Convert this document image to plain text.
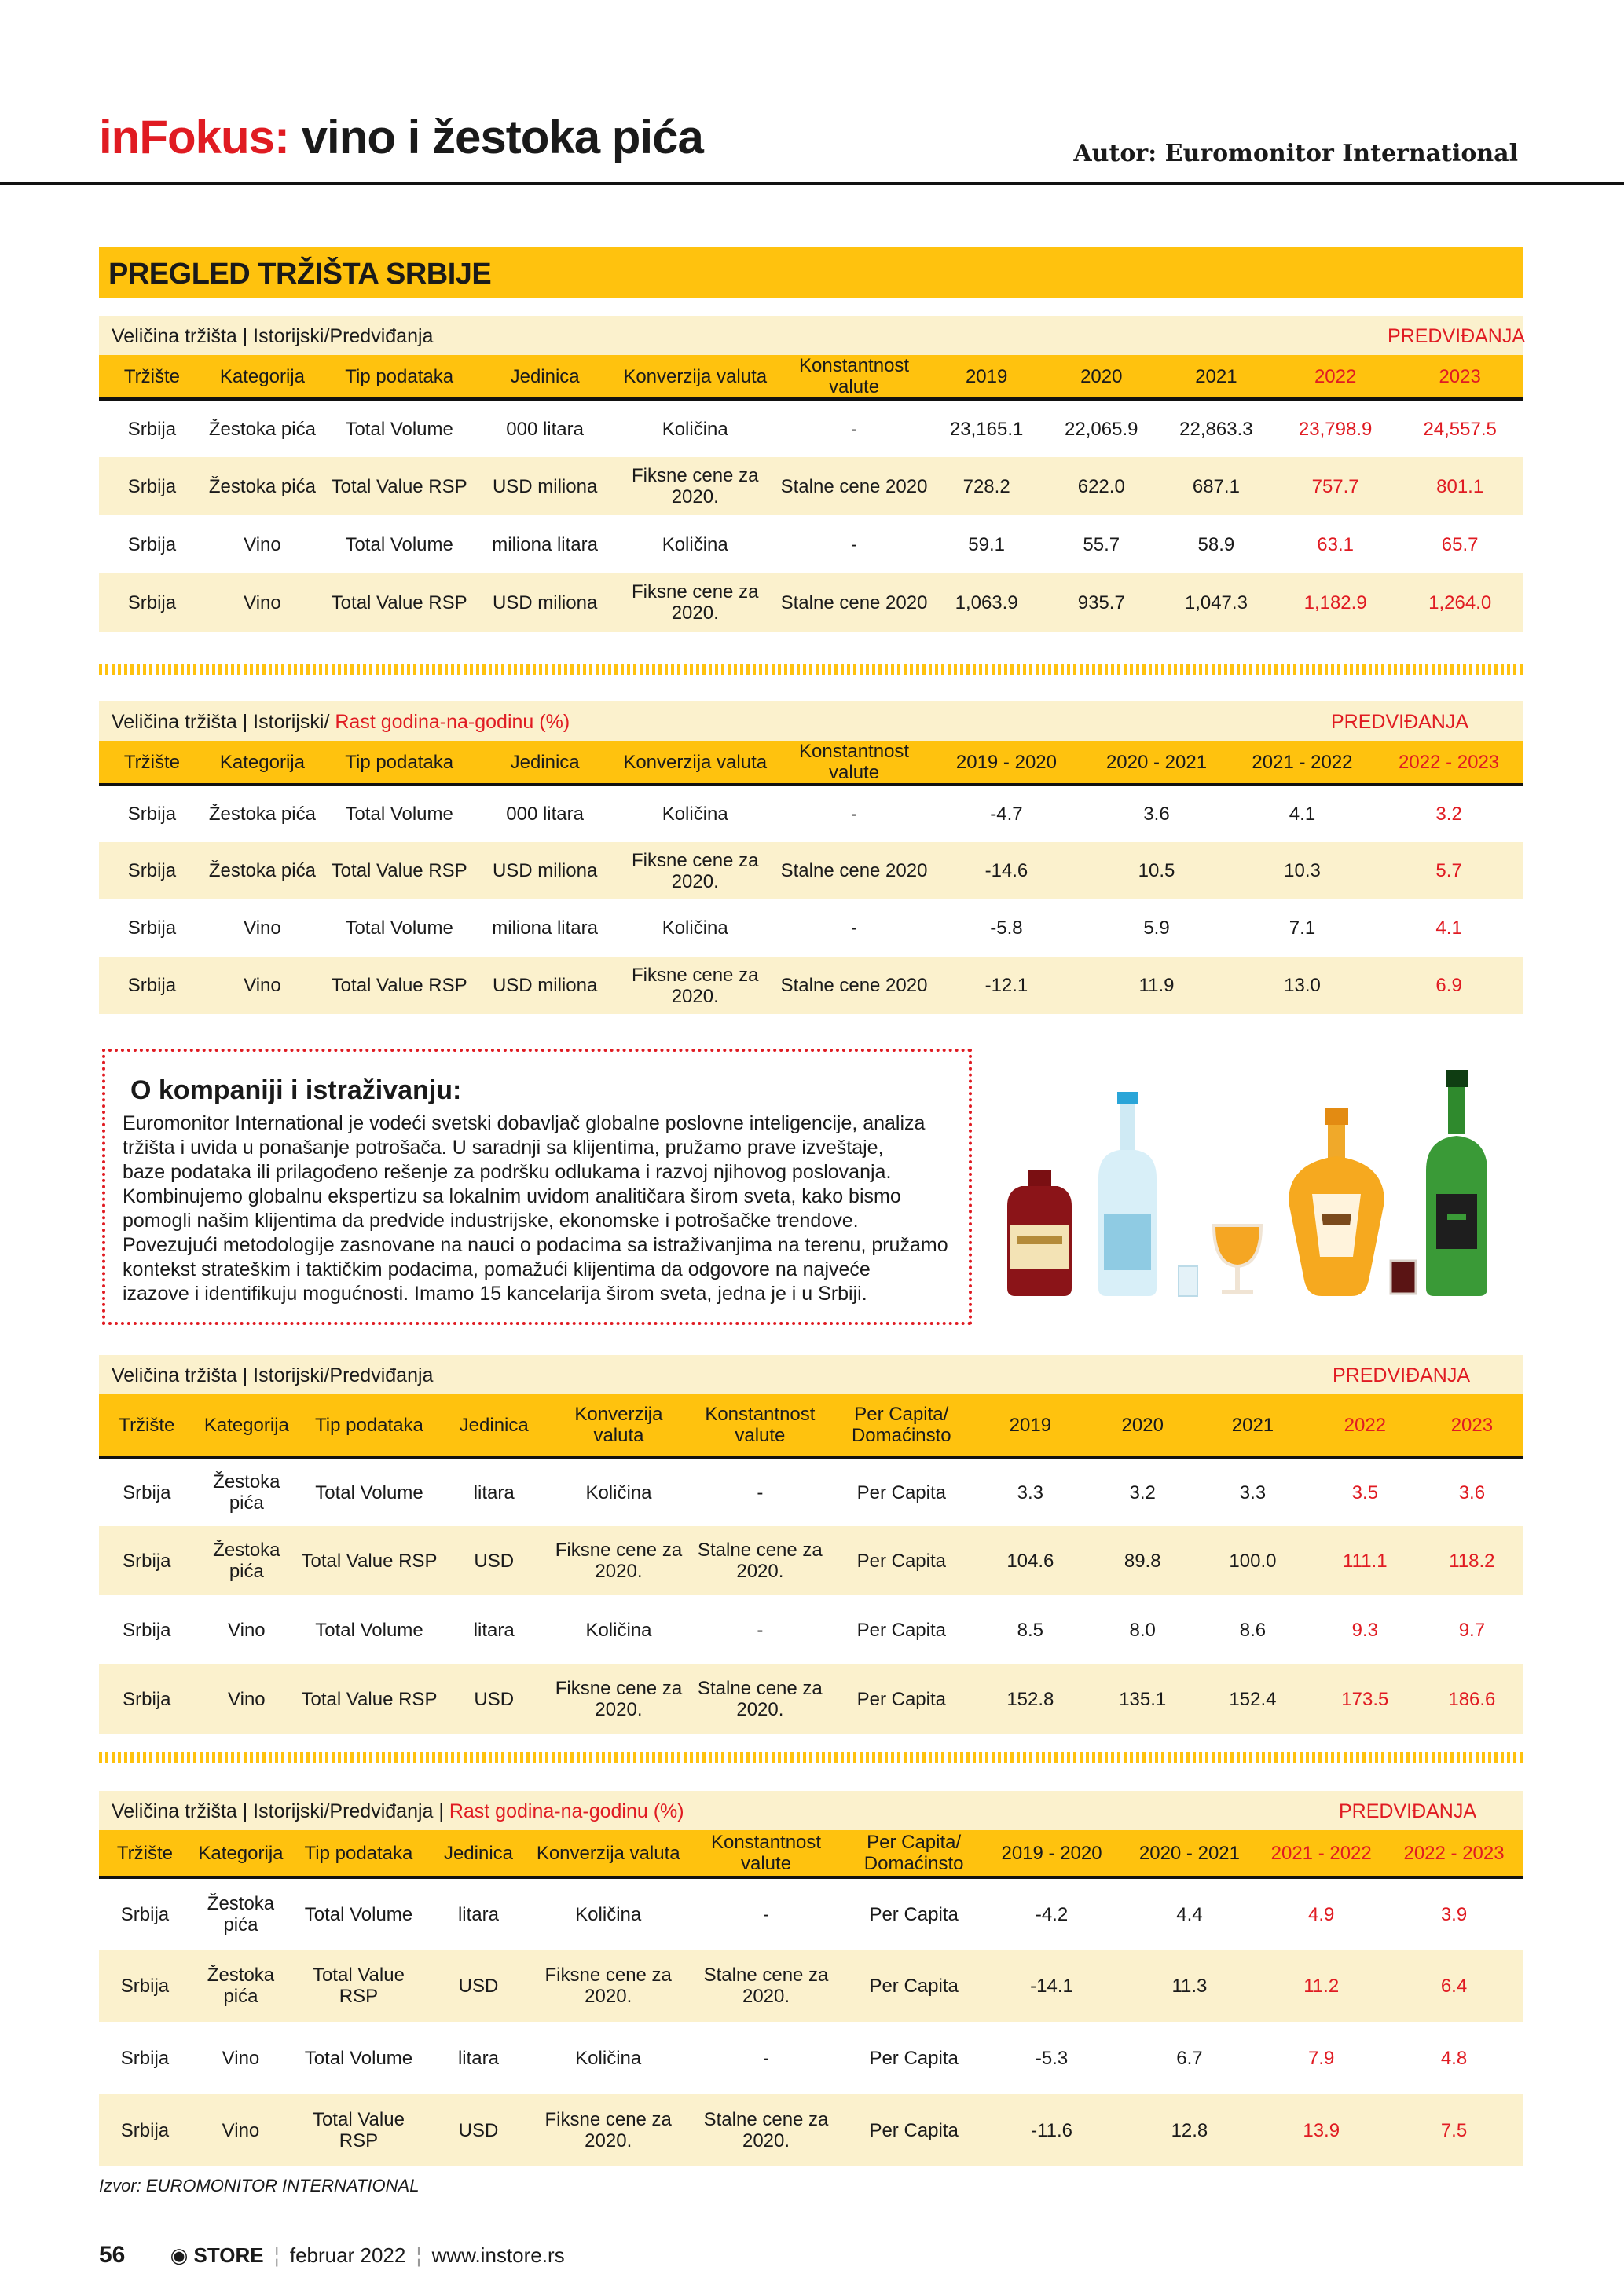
inFokus: vino i žestoka pića	Autor: Euromonitor International
PREGLED TRŽIŠTA SRBIJE
Veličina tržišta | Istorijski/Predviđanja	PREDVIĐANJA
Tržište	Kategorija	Tip podataka	Jedinica	Konverzija valuta	Konstantnost valute	2019	2020	2021	2022	2023
Srbija	Žestoka pića	Total Volume	000 litara	Količina	-	23,165.1	22,065.9	22,863.3	23,798.9	24,557.5
Srbija	Žestoka pića	Total Value RSP	USD miliona	Fiksne cene za 2020.	Stalne cene 2020	728.2	622.0	687.1	757.7	801.1
Srbija	Vino	Total Volume	miliona litara	Količina	-	59.1	55.7	58.9	63.1	65.7
Srbija	Vino	Total Value RSP	USD miliona	Fiksne cene za 2020.	Stalne cene 2020	1,063.9	935.7	1,047.3	1,182.9	1,264.0
Veličina tržišta | Istorijski/ Rast godina-na-godinu (%)	PREDVIĐANJA
Tržište	Kategorija	Tip podataka	Jedinica	Konverzija valuta	Konstantnost valute	2019 - 2020	2020 - 2021	2021 - 2022	2022 - 2023
Srbija	Žestoka pića	Total Volume	000 litara	Količina	-	-4.7	3.6	4.1	3.2
Srbija	Žestoka pića	Total Value RSP	USD miliona	Fiksne cene za 2020.	Stalne cene 2020	-14.6	10.5	10.3	5.7
Srbija	Vino	Total Volume	miliona litara	Količina	-	-5.8	5.9	7.1	4.1
Srbija	Vino	Total Value RSP	USD miliona	Fiksne cene za 2020.	Stalne cene 2020	-12.1	11.9	13.0	6.9
O kompaniji i istraživanju:
Euromonitor International je vodeći svetski dobavljač globalne poslovne inteligencije, analiza
tržišta i uvida u ponašanje potrošača. U saradnji sa klijentima, pružamo prave izveštaje,
baze podataka ili prilagođeno rešenje za podršku odlukama i razvoj njihovog poslovanja.
Kombinujemo globalnu ekspertizu sa lokalnim uvidom analitičara širom sveta, kako bismo
pomogli našim klijentima da predvide industrijske, ekonomske i potrošačke trendove.
Povezujući metodologije zasnovane na nauci o podacima sa istraživanjima na terenu, pružamo
kontekst strateškim i taktičkim podacima, pomažući klijentima da odgovore na najveće
izazove i identifikuju mogućnosti. Imamo 15 kancelarija širom sveta, jedna je i u Srbiji.
Veličina tržišta | Istorijski/Predviđanja	PREDVIĐANJA
Tržište	Kategorija	Tip podataka	Jedinica	Konverzija valuta	Konstantnost valute	Per Capita/ Domaćinsto	2019	2020	2021	2022	2023
Srbija	Žestoka pića	Total Volume	litara	Količina	-	Per Capita	3.3	3.2	3.3	3.5	3.6
Srbija	Žestoka pića	Total Value RSP	USD	Fiksne cene za 2020.	Stalne cene za 2020.	Per Capita	104.6	89.8	100.0	111.1	118.2
Srbija	Vino	Total Volume	litara	Količina	-	Per Capita	8.5	8.0	8.6	9.3	9.7
Srbija	Vino	Total Value RSP	USD	Fiksne cene za 2020.	Stalne cene za 2020.	Per Capita	152.8	135.1	152.4	173.5	186.6
Veličina tržišta | Istorijski/Predviđanja | Rast godina-na-godinu (%)	PREDVIĐANJA
Tržište	Kategorija	Tip podataka	Jedinica	Konverzija valuta	Konstantnost valute	Per Capita/ Domaćinsto	2019 - 2020	2020 - 2021	2021 - 2022	2022 - 2023
Srbija	Žestoka pića	Total Volume	litara	Količina	-	Per Capita	-4.2	4.4	4.9	3.9
Srbija	Žestoka pića	Total Value RSP	USD	Fiksne cene za 2020.	Stalne cene za 2020.	Per Capita	-14.1	11.3	11.2	6.4
Srbija	Vino	Total Volume	litara	Količina	-	Per Capita	-5.3	6.7	7.9	4.8
Srbija	Vino	Total Value RSP	USD	Fiksne cene za 2020.	Stalne cene za 2020.	Per Capita	-11.6	12.8	13.9	7.5
Izvor: EUROMONITOR INTERNATIONAL
56 ◉ STORE ¦ februar 2022 ¦ www.instore.rs
